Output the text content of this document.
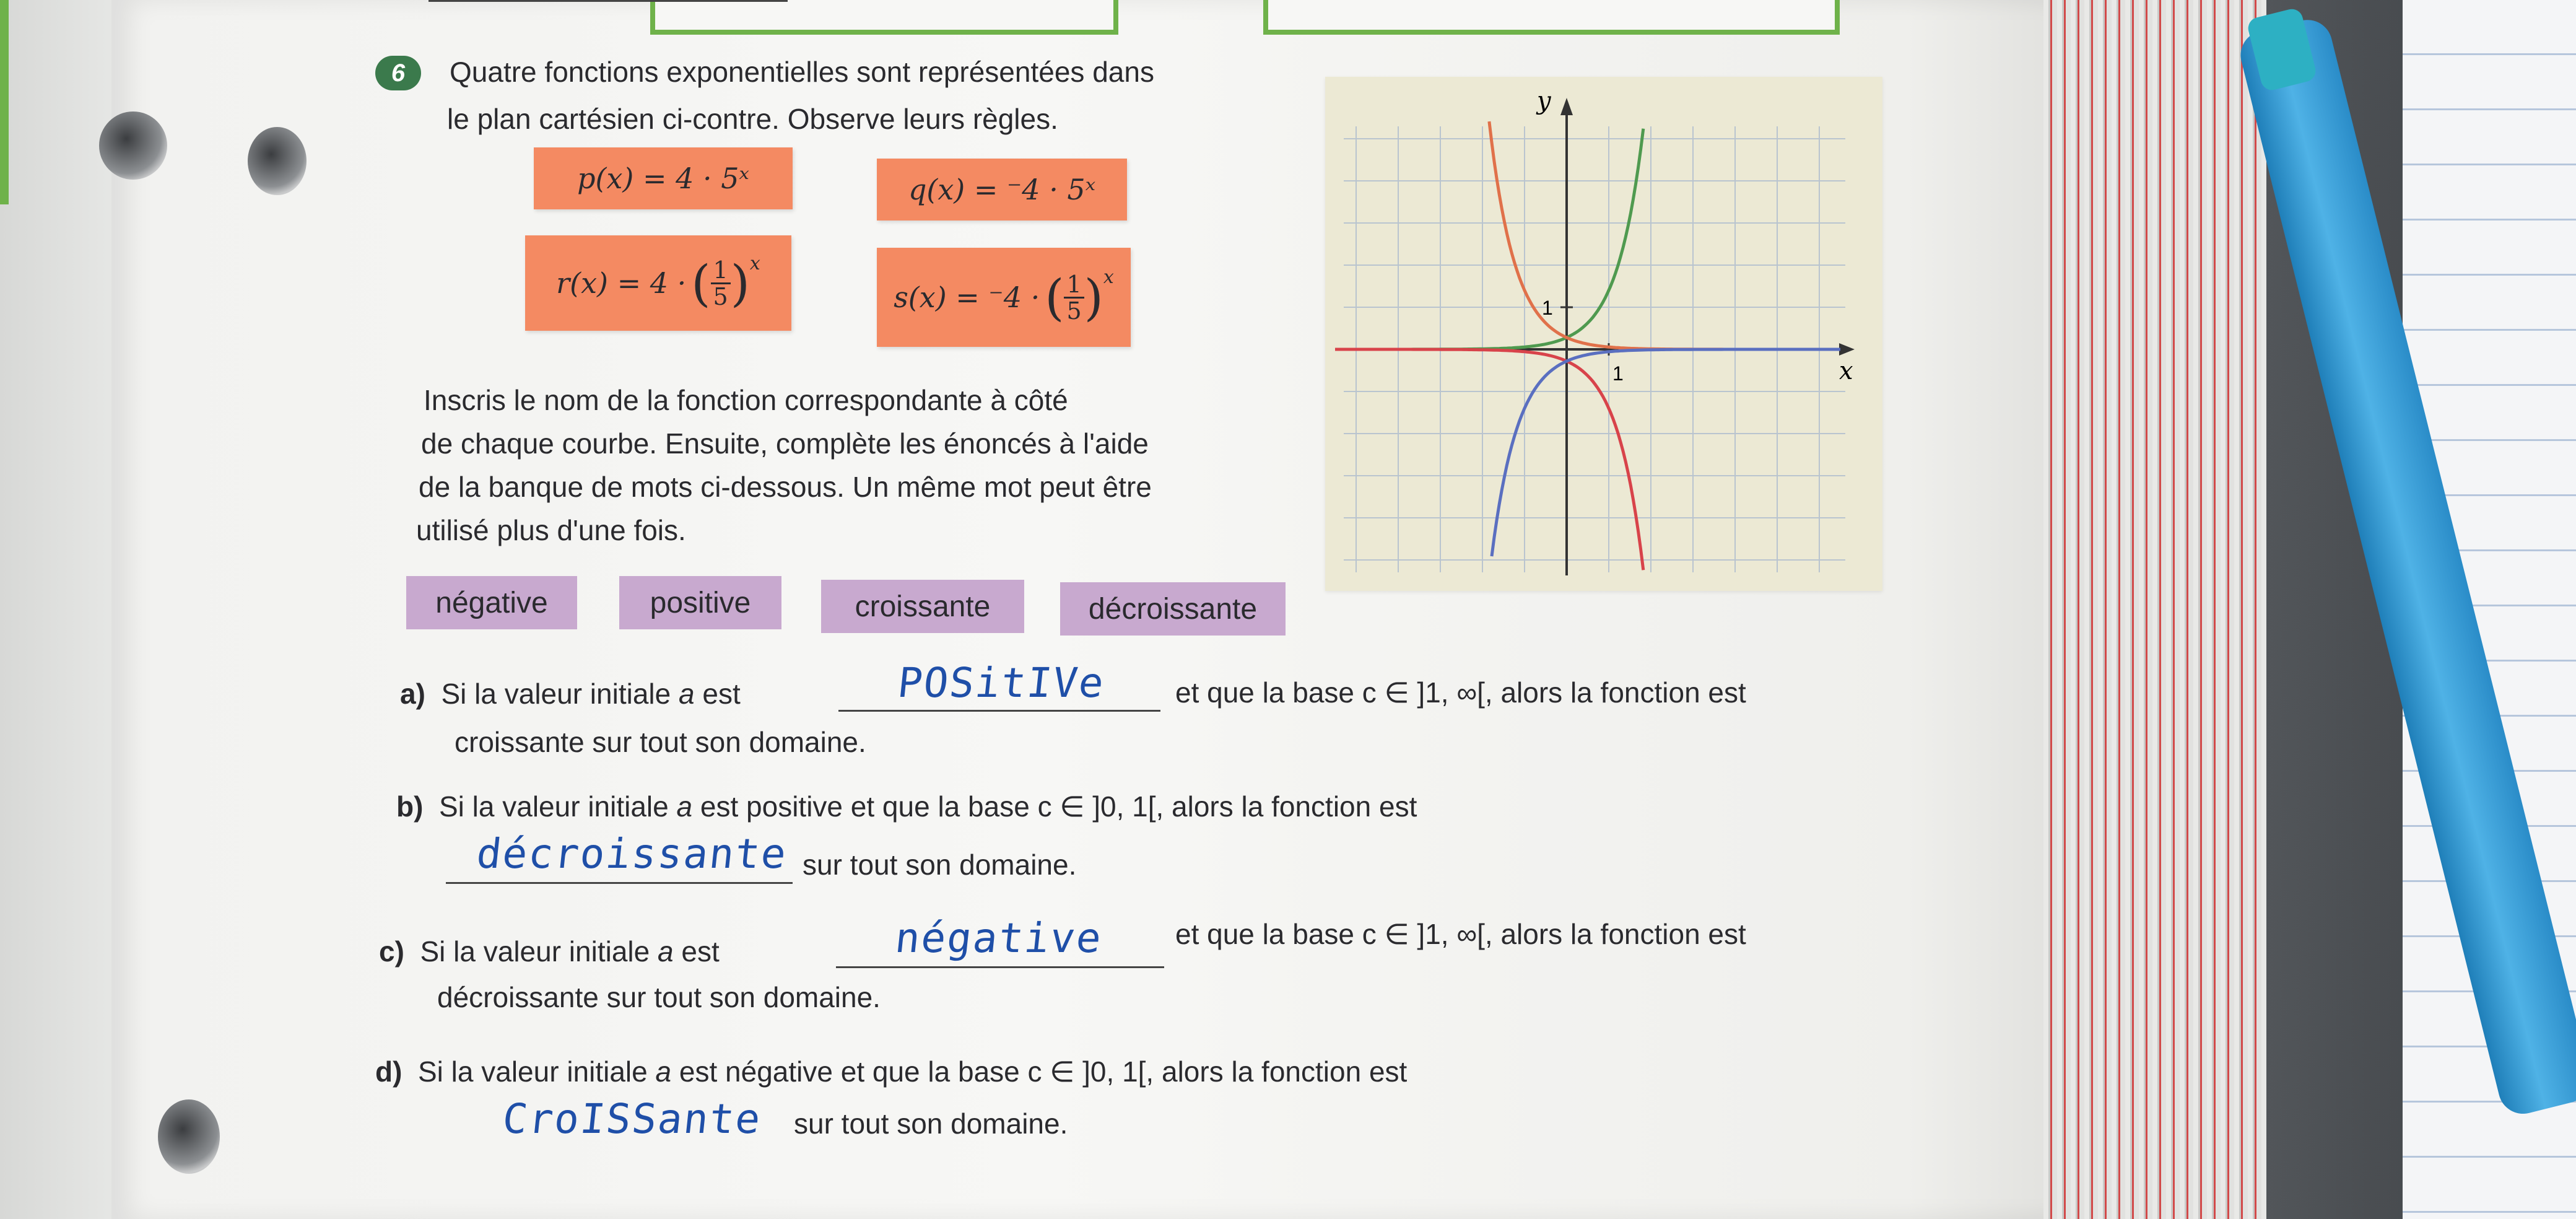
6	Quatre fonctions exponentielles sont représentées dans
le plan cartésien ci-contre. Observe leurs règles.
p(x) = 4 · 5ˣ	q(x) = ⁻4 · 5ˣ
r(x) = 4 · ( 1
5 )$^x$
s(x) = ⁻4 · ( 1
5 )$^x$
Inscris le nom de la fonction correspondante à côté
de chaque courbe. Ensuite, complète les énoncés à l'aide
de la banque de mots ci-dessous. Un même mot peut être
utilisé plus d'une fois.
négative	positive	croissante	décroissante
a) Si la valeur initiale a est	POSitIVe et que la base c ∈ ]1, ∞[, alors la fonction est
croissante sur tout son domaine.
b) Si la valeur initiale a est positive et que la base c ∈ ]0, 1[, alors la fonction est
décroissante sur tout son domaine.
c) Si la valeur initiale a est	négative et que la base c ∈ ]1, ∞[, alors la fonction est
décroissante sur tout son domaine.
d) Si la valeur initiale a est négative et que la base c ∈ ]0, 1[, alors la fonction est
CroISSante sur tout son domaine.
x
y
1
1
